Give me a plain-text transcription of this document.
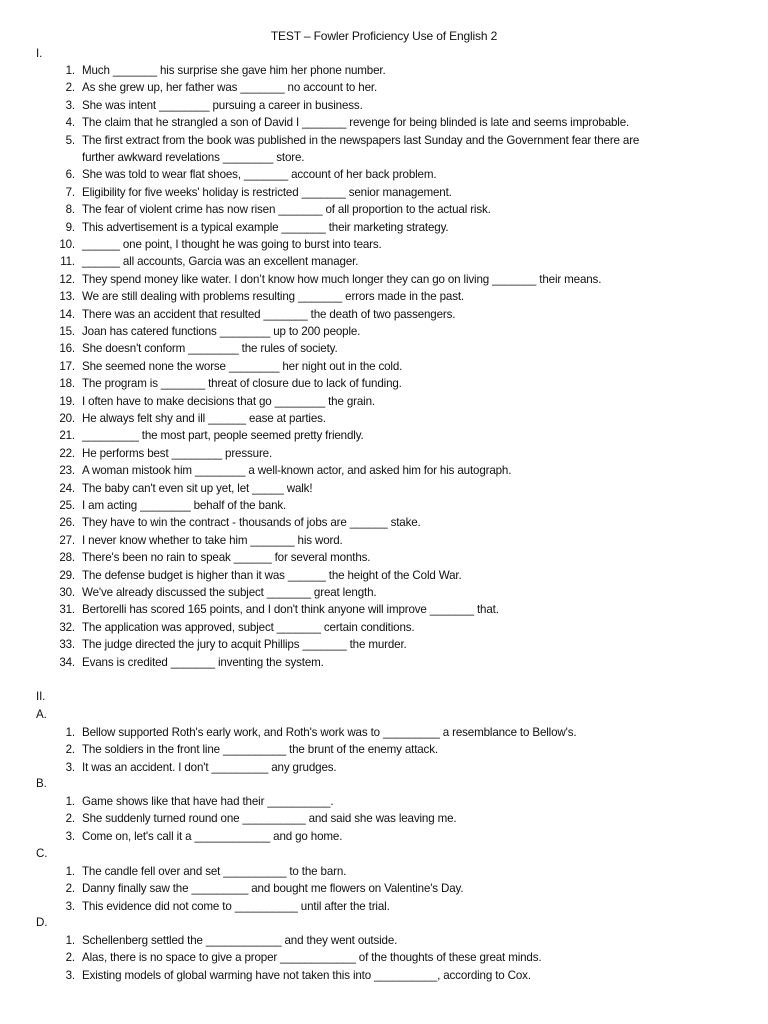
TEST – Fowler Proficiency Use of English 2
I.
1. Much _______ his surprise she gave him her phone number.
2. As she grew up, her father was _______ no account to her.
3. She was intent ________ pursuing a career in business.
4. The claim that he strangled a son of David I _______ revenge for being blinded is late and seems improbable.
5. The first extract from the book was published in the newspapers last Sunday and the Government fear there are
further awkward revelations ________ store.
6. She was told to wear flat shoes, _______ account of her back problem.
7. Eligibility for five weeks' holiday is restricted _______ senior management.
8. The fear of violent crime has now risen _______ of all proportion to the actual risk.
9. This advertisement is a typical example _______ their marketing strategy.
10. ______ one point, I thought he was going to burst into tears.
11. ______ all accounts, Garcia was an excellent manager.
12. They spend money like water. I don’t know how much longer they can go on living _______ their means.
13. We are still dealing with problems resulting _______ errors made in the past.
14. There was an accident that resulted _______ the death of two passengers.
15. Joan has catered functions ________ up to 200 people.
16. She doesn't conform ________ the rules of society.
17. She seemed none the worse ________ her night out in the cold.
18. The program is _______ threat of closure due to lack of funding.
19. I often have to make decisions that go ________ the grain.
20. He always felt shy and ill ______ ease at parties.
21. _________ the most part, people seemed pretty friendly.
22. He performs best ________ pressure.
23. A woman mistook him ________ a well-known actor, and asked him for his autograph.
24. The baby can't even sit up yet, let _____ walk!
25. I am acting ________ behalf of the bank.
26. They have to win the contract - thousands of jobs are ______ stake.
27. I never know whether to take him _______ his word.
28. There's been no rain to speak ______ for several months.
29. The defense budget is higher than it was ______ the height of the Cold War.
30. We've already discussed the subject _______ great length.
31. Bertorelli has scored 165 points, and I don't think anyone will improve _______ that.
32. The application was approved, subject _______ certain conditions.
33. The judge directed the jury to acquit Phillips _______ the murder.
34. Evans is credited _______ inventing the system.
II.
A.
1. Bellow supported Roth's early work, and Roth's work was to _________ a resemblance to Bellow's.
2. The soldiers in the front line __________ the brunt of the enemy attack.
3. It was an accident. I don't _________ any grudges.
B.
1. Game shows like that have had their __________.
2. She suddenly turned round one __________ and said she was leaving me.
3. Come on, let's call it a ____________ and go home.
C.
1. The candle fell over and set __________ to the barn.
2. Danny finally saw the _________ and bought me flowers on Valentine's Day.
3. This evidence did not come to __________ until after the trial.
D.
1. Schellenberg settled the ____________ and they went outside.
2. Alas, there is no space to give a proper ____________ of the thoughts of these great minds.
3. Existing models of global warming have not taken this into __________, according to Cox.
